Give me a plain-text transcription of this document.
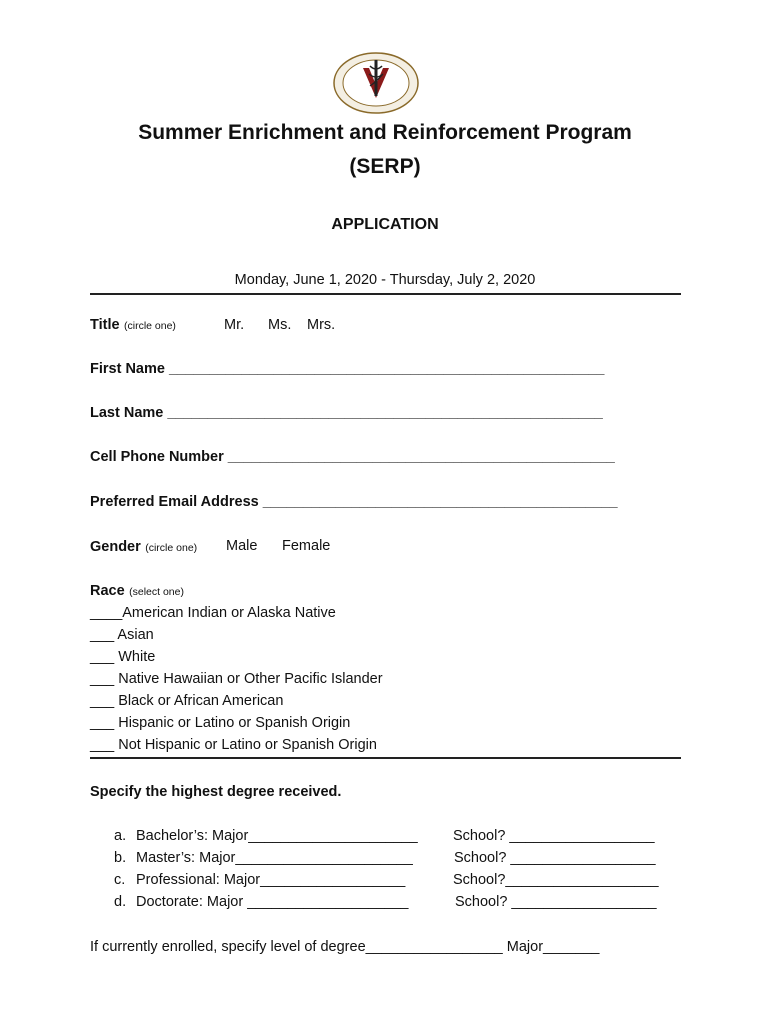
Summer Enrichment and Reinforcement Program
(SERP)
APPLICATION
Monday, June 1, 2020 - Thursday, July 2, 2020
Title (circle one)	Mr. Ms. Mrs.
First Name ______________________________________________________
Last Name ______________________________________________________
Cell Phone Number ________________________________________________
Preferred Email Address ____________________________________________
Gender (circle one) Male Female
Race (select one)
____American Indian or Alaska Native
___ Asian
___ White
___ Native Hawaiian or Other Pacific Islander
___ Black or African American
___ Hispanic or Latino or Spanish Origin
___ Not Hispanic or Latino or Spanish Origin
Specify the highest degree received.
a. Bachelor’s: Major_____________________ School? __________________
b. Master’s: Major______________________	School? __________________
c. Professional: Major__________________	School?___________________
d. Doctorate: Major ____________________	School? __________________
If currently enrolled, specify level of degree_________________ Major_______
